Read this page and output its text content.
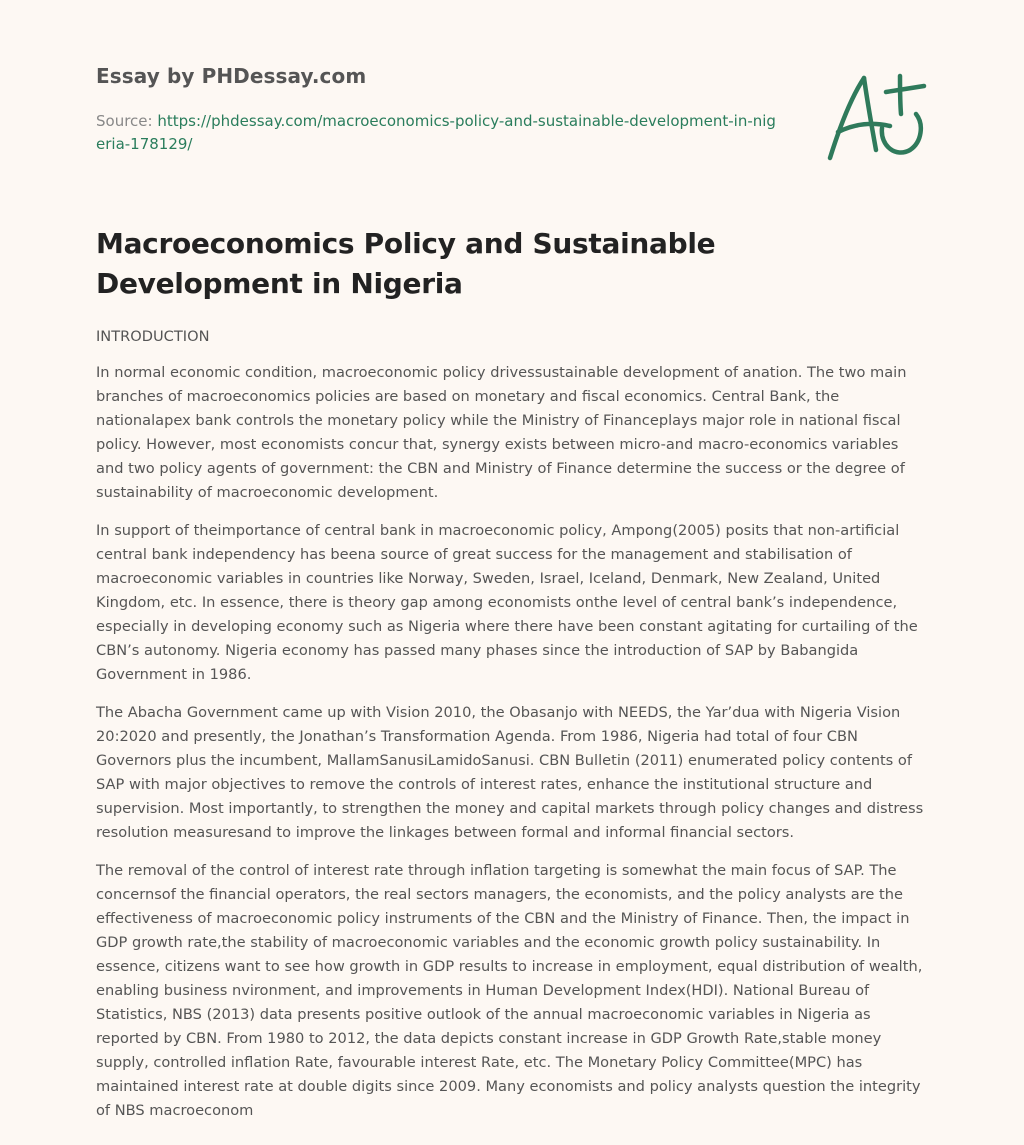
Essay by PHDessay.com
Source: https://phdessay.com/macroeconomics-policy-and-sustainable-development-in-nigeria-178129/
Macroeconomics Policy and Sustainable Development in Nigeria

INTRODUCTION

In normal economic condition, macroeconomic policy drivessustainable development of anation. The two main branches of macroeconomics policies are based on monetary and fiscal economics. Central Bank, the nationalapex bank controls the monetary policy while the Ministry of Financeplays major role in national fiscal policy. However, most economists concur that, synergy exists between micro-and macro-economics variables and two policy agents of government: the CBN and Ministry of Finance determine the success or the degree of sustainability of macroeconomic development.

In support of theimportance of central bank in macroeconomic policy, Ampong(2005) posits that non-artificial central bank independency has beena source of great success for the management and stabilisation of macroeconomic variables in countries like Norway, Sweden, Israel, Iceland, Denmark, New Zealand, United Kingdom, etc. In essence, there is theory gap among economists onthe level of central bank’s independence, especially in developing economy such as Nigeria where there have been constant agitating for curtailing of the CBN’s autonomy. Nigeria economy has passed many phases since the introduction of SAP by Babangida Government in 1986.

The Abacha Government came up with Vision 2010, the Obasanjo with NEEDS, the Yar’dua with Nigeria Vision 20:2020 and presently, the Jonathan’s Transformation Agenda. From 1986, Nigeria had total of four CBN Governors plus the incumbent, MallamSanusiLamidoSanusi. CBN Bulletin (2011) enumerated policy contents of SAP with major objectives to remove the controls of interest rates, enhance the institutional structure and supervision. Most importantly, to strengthen the money and capital markets through policy changes and distress resolution measuresand to improve the linkages between formal and informal financial sectors.

The removal of the control of interest rate through inflation targeting is somewhat the main focus of SAP. The concernsof the financial operators, the real sectors managers, the economists, and the policy analysts are the effectiveness of macroeconomic policy instruments of the CBN and the Ministry of Finance. Then, the impact in GDP growth rate,the stability of macroeconomic variables and the economic growth policy sustainability. In essence, citizens want to see how growth in GDP results to increase in employment, equal distribution of wealth, enabling business nvironment, and improvements in Human Development Index(HDI). National Bureau of Statistics, NBS (2013) data presents positive outlook of the annual macroeconomic variables in Nigeria as reported by CBN. From 1980 to 2012, the data depicts constant increase in GDP Growth Rate,stable money supply, controlled inflation Rate, favourable interest Rate, etc. The Monetary Policy Committee(MPC) has maintained interest rate at double digits since 2009. Many economists and policy analysts question the integrity of NBS macroeconom
